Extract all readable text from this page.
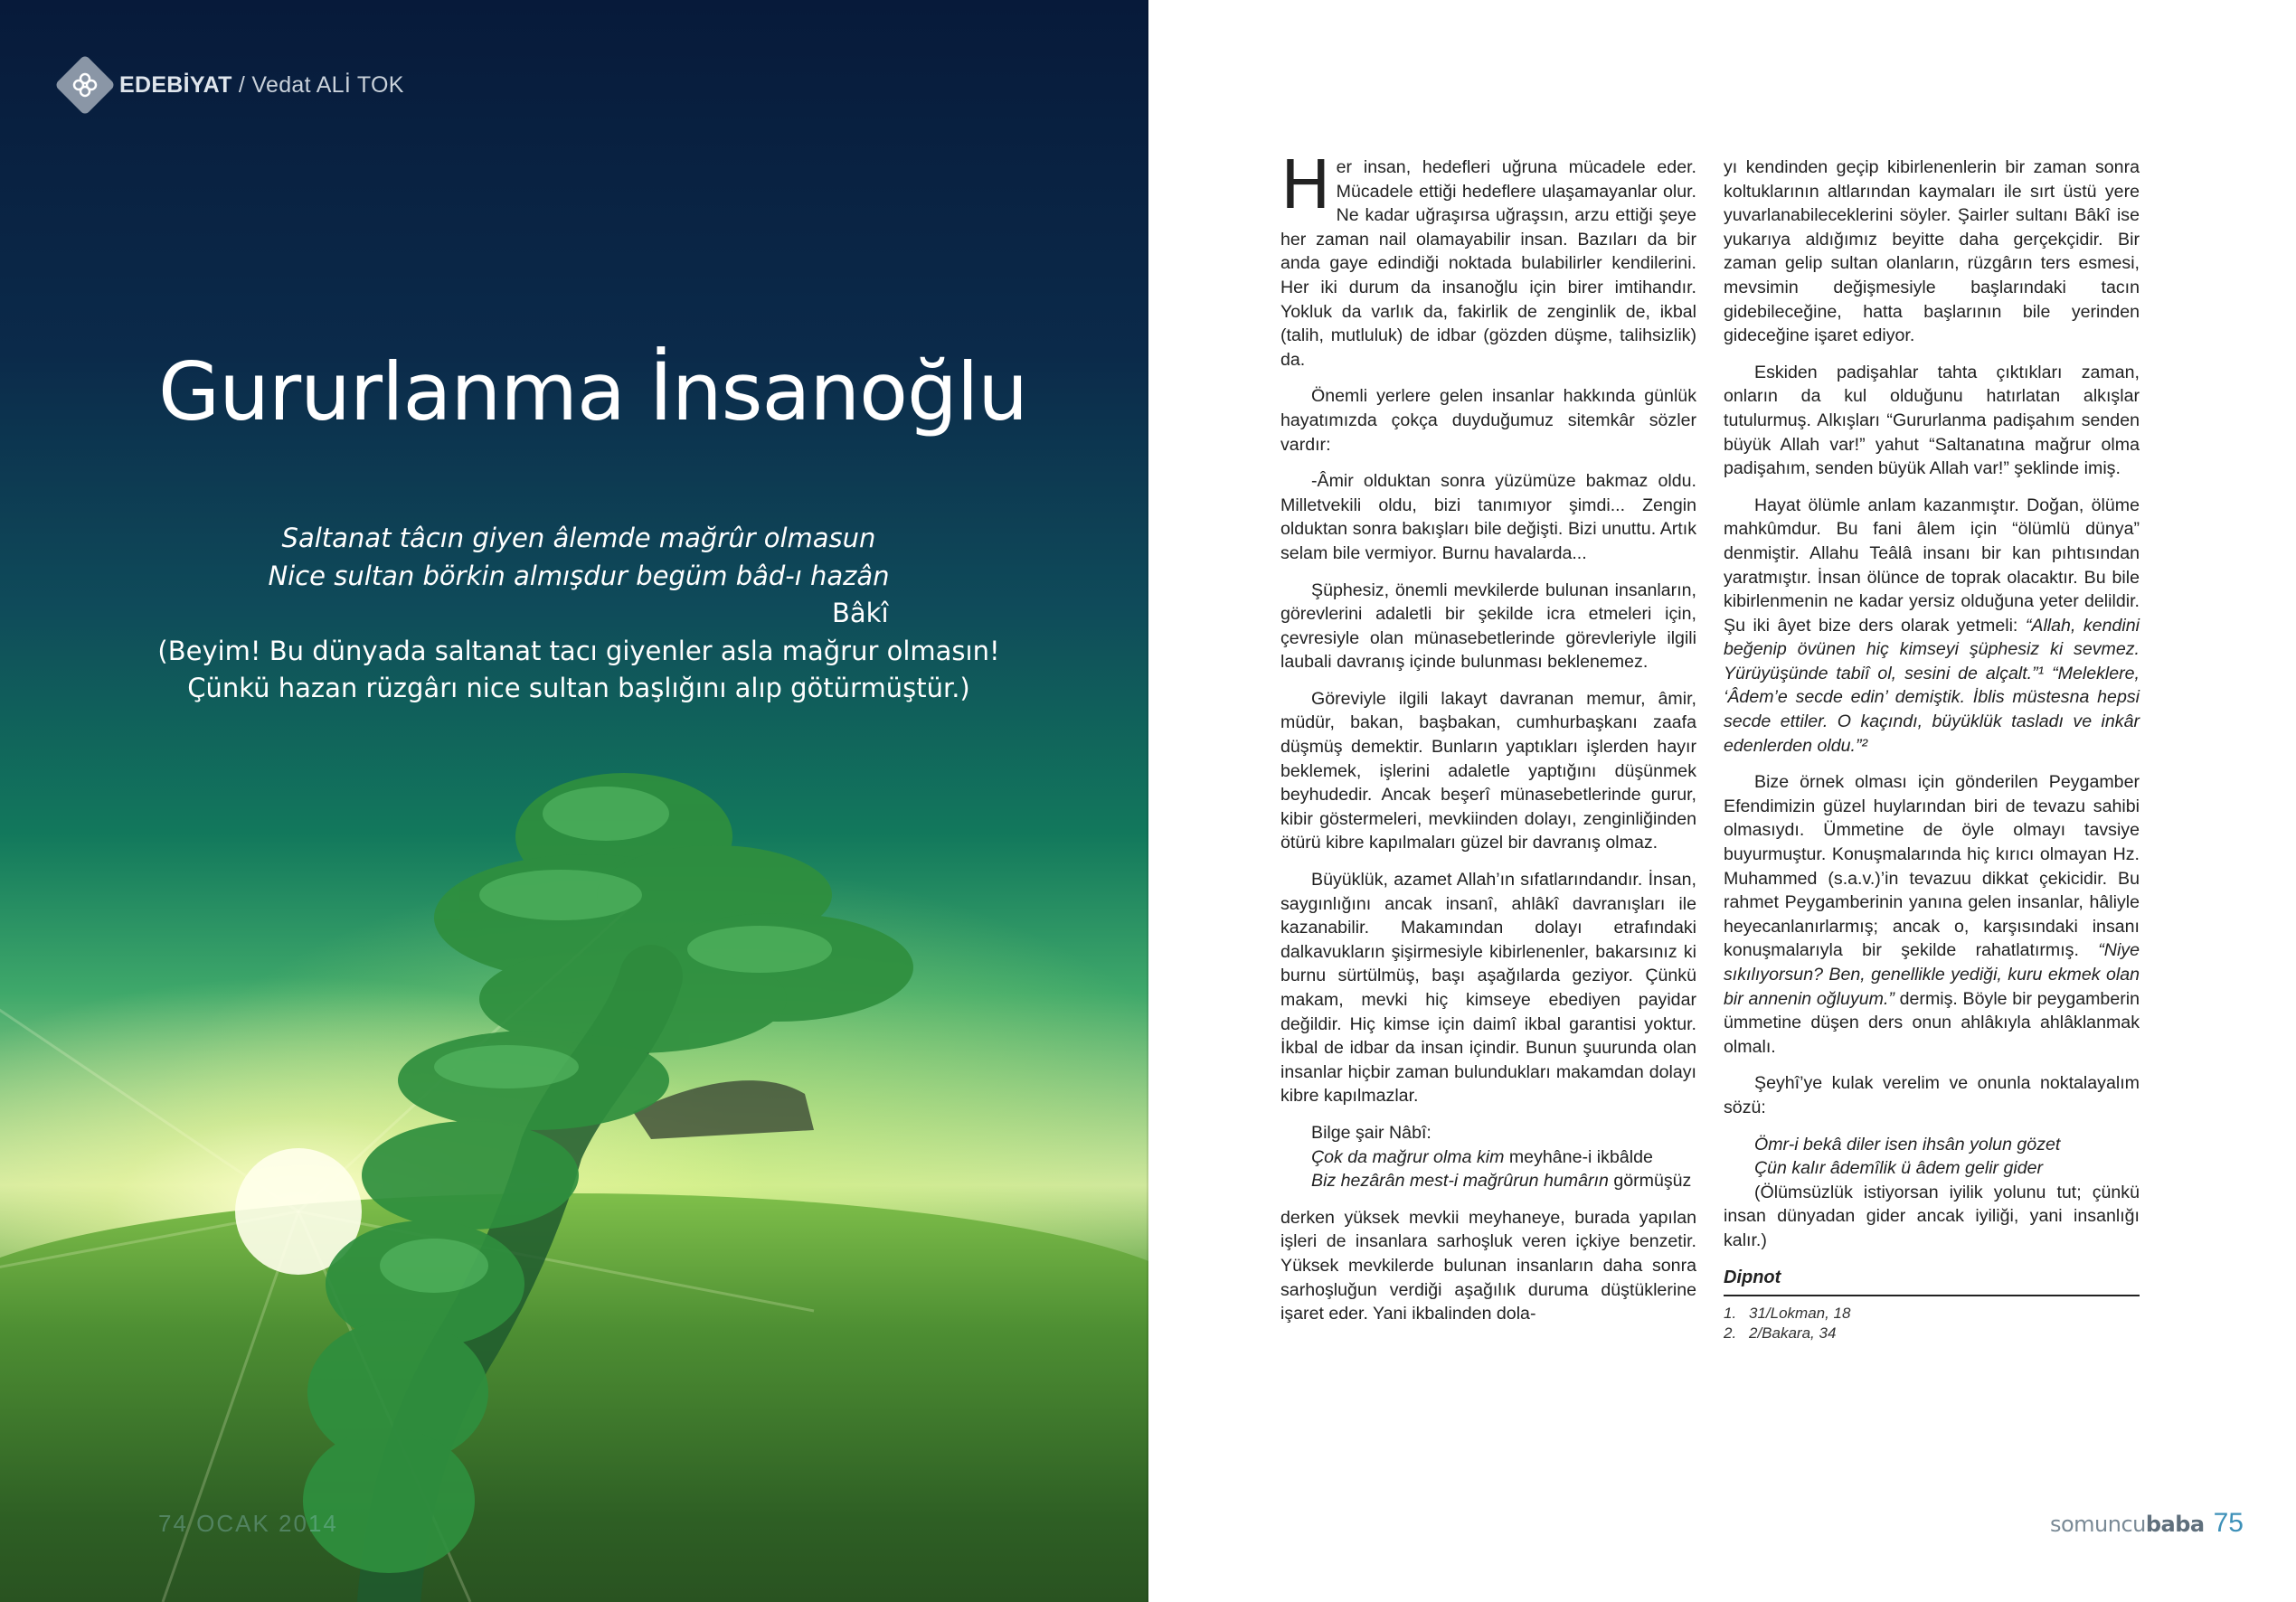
EDEBİYAT / Vedat ALİ TOK
Gururlanma İnsanoğlu
Saltanat tâcın giyen âlemde mağrûr olmasun
Nice sultan börkin almışdur begüm bâd-ı hazân
Bâkî
(Beyim! Bu dünyada saltanat tacı giyenler asla mağrur olmasın!
Çünkü hazan rüzgârı nice sultan başlığını alıp götürmüştür.)
74 OCAK 2014

Her insan, hedefleri uğruna mücadele eder. Mücadele ettiği hedeflere ulaşamayanlar olur. Ne kadar uğraşırsa uğraşsın, arzu ettiği şeye her zaman nail olamayabilir insan. Bazıları da bir anda gaye edindiği noktada bulabilirler kendilerini. Her iki durum da insanoğlu için birer imtihandır. Yokluk da varlık da, fakirlik de zenginlik de, ikbal (talih, mutluluk) de idbar (gözden düşme, talihsizlik) da.

Önemli yerlere gelen insanlar hakkında günlük hayatımızda çokça duyduğumuz sitemkâr sözler vardır:

-Âmir olduktan sonra yüzümüze bakmaz oldu. Milletvekili oldu, bizi tanımıyor şimdi... Zengin olduktan sonra bakışları bile değişti. Bizi unuttu. Artık selam bile vermiyor. Burnu havalarda...

Şüphesiz, önemli mevkilerde bulunan insanların, görevlerini adaletli bir şekilde icra etmeleri için, çevresiyle olan münasebetlerinde görevleriyle ilgili laubali davranış içinde bulunması beklenemez.

Göreviyle ilgili lakayt davranan memur, âmir, müdür, bakan, başbakan, cumhurbaşkanı zaafa düşmüş demektir. Bunların yaptıkları işlerden hayır beklemek, işlerini adaletle yaptığını düşünmek beyhudedir. Ancak beşerî münasebetlerinde gurur, kibir göstermeleri, mevkiinden dolayı, zenginliğinden ötürü kibre kapılmaları güzel bir davranış olmaz.

Büyüklük, azamet Allah’ın sıfatlarındandır. İnsan, saygınlığını ancak insanî, ahlâkî davranışları ile kazanabilir. Makamından dolayı etrafındaki dalkavukların şişirmesiyle kibirlenenler, bakarsınız ki burnu sürtülmüş, başı aşağılarda geziyor. Çünkü makam, mevki hiç kimseye ebediyen payidar değildir. Hiç kimse için daimî ikbal garantisi yoktur. İkbal de idbar da insan içindir. Bunun şuurunda olan insanlar hiçbir zaman bulundukları makamdan dolayı kibre kapılmazlar.

Bilge şair Nâbî:
Çok da mağrur olma kim meyhâne-i ikbâlde
Biz hezârân mest-i mağrûrun humârın görmüşüz

derken yüksek mevkii meyhaneye, burada yapılan işleri de insanlara sarhoşluk veren içkiye benzetir. Yüksek mevkilerde bulunan insanların daha sonra sarhoşluğun verdiği aşağılık duruma düştüklerine işaret eder. Yani ikbalinden dola-

yı kendinden geçip kibirlenenlerin bir zaman sonra koltuklarının altlarından kaymaları ile sırt üstü yere yuvarlanabileceklerini söyler. Şairler sultanı Bâkî ise yukarıya aldığımız beyitte daha gerçekçidir. Bir zaman gelip sultan olanların, rüzgârın ters esmesi, mevsimin değişmesiyle başlarındaki tacın gidebileceğine, hatta başlarının bile yerinden gideceğine işaret ediyor.

Eskiden padişahlar tahta çıktıkları zaman, onların da kul olduğunu hatırlatan alkışlar tutulurmuş. Alkışları “Gururlanma padişahım senden büyük Allah var!” yahut “Saltanatına mağrur olma padişahım, senden büyük Allah var!” şeklinde imiş.

Hayat ölümle anlam kazanmıştır. Doğan, ölüme mahkûmdur. Bu fani âlem için “ölümlü dünya” denmiştir. Allahu Teâlâ insanı bir kan pıhtısından yaratmıştır. İnsan ölünce de toprak olacaktır. Bu bile kibirlenmenin ne kadar yersiz olduğuna yeter delildir. Şu iki âyet bize ders olarak yetmeli: “Allah, kendini beğenip övünen hiç kimseyi şüphesiz ki sevmez. Yürüyüşünde tabiî ol, sesini de alçalt.”¹ “Meleklere, ‘Âdem’e secde edin’ demiştik. İblis müstesna hepsi secde ettiler. O kaçındı, büyüklük tasladı ve inkâr edenlerden oldu.”²

Bize örnek olması için gönderilen Peygamber Efendimizin güzel huylarından biri de tevazu sahibi olmasıydı. Ümmetine de öyle olmayı tavsiye buyurmuştur. Konuşmalarında hiç kırıcı olmayan Hz. Muhammed (s.a.v.)’in tevazuu dikkat çekicidir. Bu rahmet Peygamberinin yanına gelen insanlar, hâliyle heyecanlanırlarmış; ancak o, karşısındaki insanı konuşmalarıyla bir şekilde rahatlatırmış. “Niye sıkılıyorsun? Ben, genellikle yediği, kuru ekmek olan bir annenin oğluyum.” dermiş. Böyle bir peygamberin ümmetine düşen ders onun ahlâkıyla ahlâklanmak olmalı.

Şeyhî’ye kulak verelim ve onunla noktalayalım sözü:

Ömr-i bekâ diler isen ihsân yolun gözet
Çün kalır âdemîlik ü âdem gelir gider

(Ölümsüzlük istiyorsan iyilik yolunu tut; çünkü insan dünyadan gider ancak iyiliği, yani insanlığı kalır.)

Dipnot
1. 31/Lokman, 18
2. 2/Bakara, 34
somuncubaba 75
